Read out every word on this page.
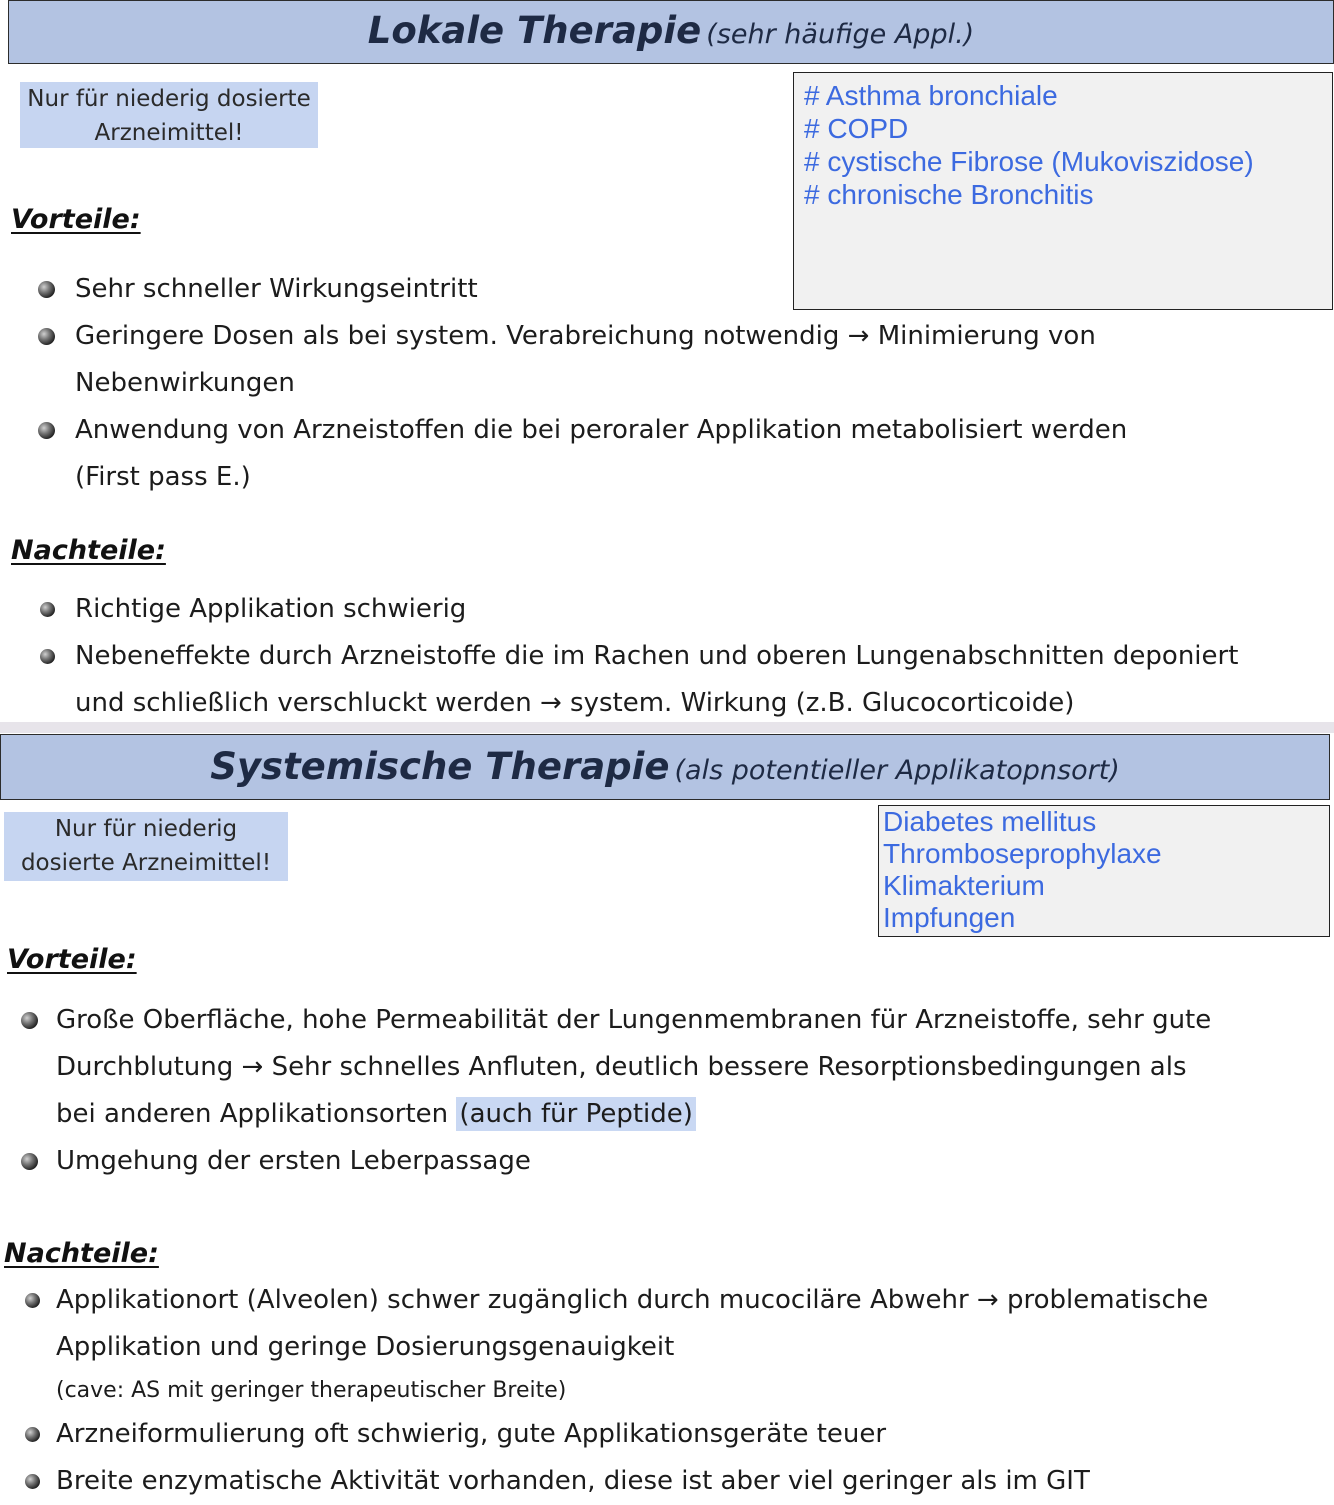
Lokale Therapie (sehr häufige Appl.)
Nur für niederig dosierte
Arzneimittel!
# Asthma bronchiale
# COPD
# cystische Fibrose (Mukoviszidose)
# chronische Bronchitis
Vorteile:
Sehr schneller Wirkungseintritt
Geringere Dosen als bei system. Verabreichung notwendig → Minimierung von
Nebenwirkungen
Anwendung von Arzneistoffen die bei peroraler Applikation metabolisiert werden
(First pass E.)
Nachteile:
Richtige Applikation schwierig
Nebeneffekte durch Arzneistoffe die im Rachen und oberen Lungenabschnitten deponiert
und schließlich verschluckt werden → system. Wirkung (z.B. Glucocorticoide)
Systemische Therapie (als potentieller Applikatopnsort)
Nur für niederig
dosierte Arzneimittel!
Diabetes mellitus
Thromboseprophylaxe
Klimakterium
Impfungen
Vorteile:
Große Oberfläche, hohe Permeabilität der Lungenmembranen für Arzneistoffe, sehr gute
Durchblutung → Sehr schnelles Anfluten, deutlich bessere Resorptionsbedingungen als
bei anderen Applikationsorten (auch für Peptide)
Umgehung der ersten Leberpassage
Nachteile:
Applikationort (Alveolen) schwer zugänglich durch mucociläre Abwehr → problematische
Applikation und geringe Dosierungsgenauigkeit
(cave: AS mit geringer therapeutischer Breite)
Arzneiformulierung oft schwierig, gute Applikationsgeräte teuer
Breite enzymatische Aktivität vorhanden, diese ist aber viel geringer als im GIT
